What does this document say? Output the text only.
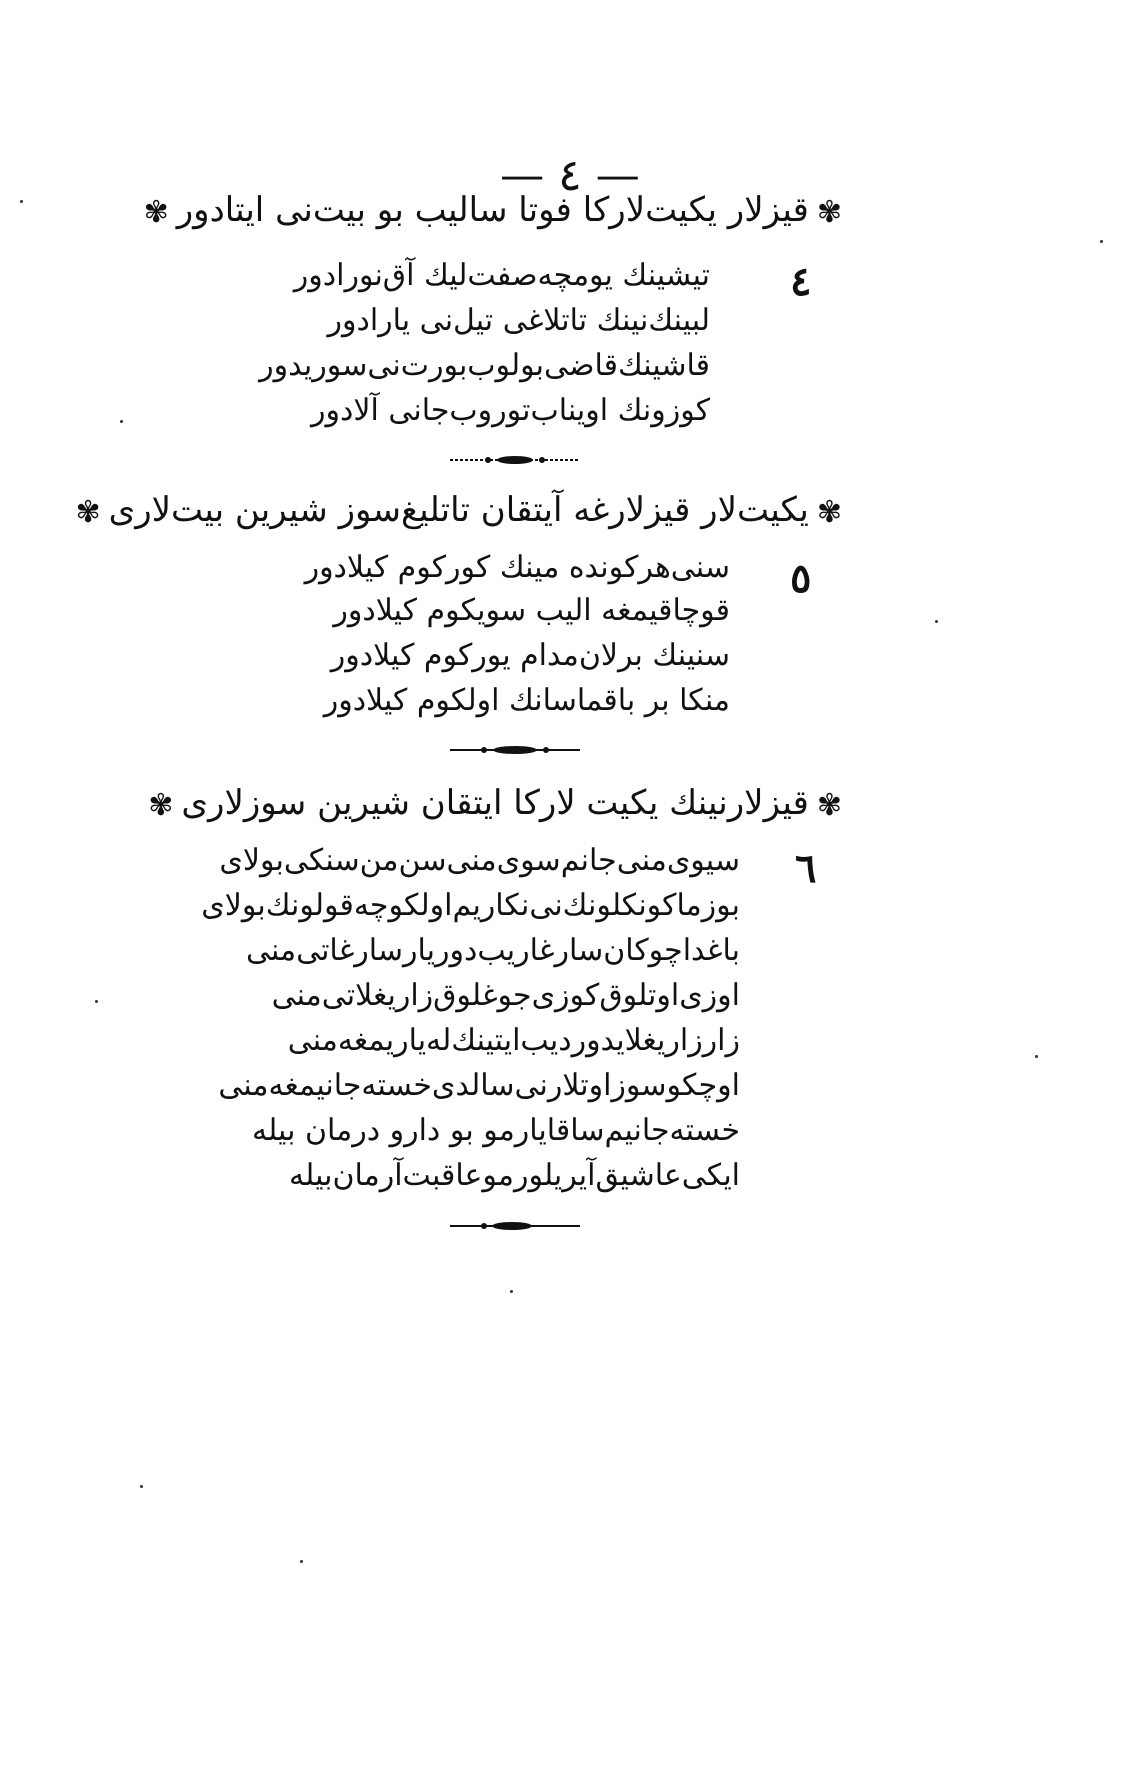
— ٤ —
✾قیزلار یکیت‌لارکا فوتا سالیب بو بیت‌نی ایتادور✾
٤
تیشینك یومچه‌صفت‌لیك آق‌نورادور
لبینك‌نینك تاتلاغی تیل‌نی یارادور
قاشینك‌قاضی‌بولوب‌بورت‌نی‌سوریدور
کوزونك اویناب‌توروب‌جانی آلادور
✾یکیت‌لار قیزلارغه آیتقان تاتلیغ‌سوز شیرین بیت‌لاری✾
٥
سنی‌هرکونده مینك کورکوم کیلادور
قوچاقیمغه الیب سویکوم کیلادور
سنینك برلان‌مدام یورکوم کیلادور
منکا بر باقماسانك اولکوم کیلادور
✾قیزلارنینك یکیت لارکا ایتقان شیرین سوزلاری✾
٦
سیوی‌منی‌جانم‌سوی‌منی‌سن‌من‌سنکی‌بولای
بوزماکونکلونك‌نی‌نکاریم‌اولکوچه‌قولونك‌بولای
باغداچوکان‌سارغاریب‌دوریارسارغاتی‌منی
اوزی‌اوتلوق‌کوزی‌جوغلوق‌زاریغلاتی‌منی
زارزاریغلایدوردیب‌ایتینك‌له‌یاریمغه‌منی
اوچکوسوزاوتلارنی‌سالدی‌خسته‌جانیمغه‌منی
خسته‌جانیم‌ساقایارمو بو دارو درمان بیله
ایکی‌عاشیق‌آیریلورموعاقبت‌آرمان‌بیله
